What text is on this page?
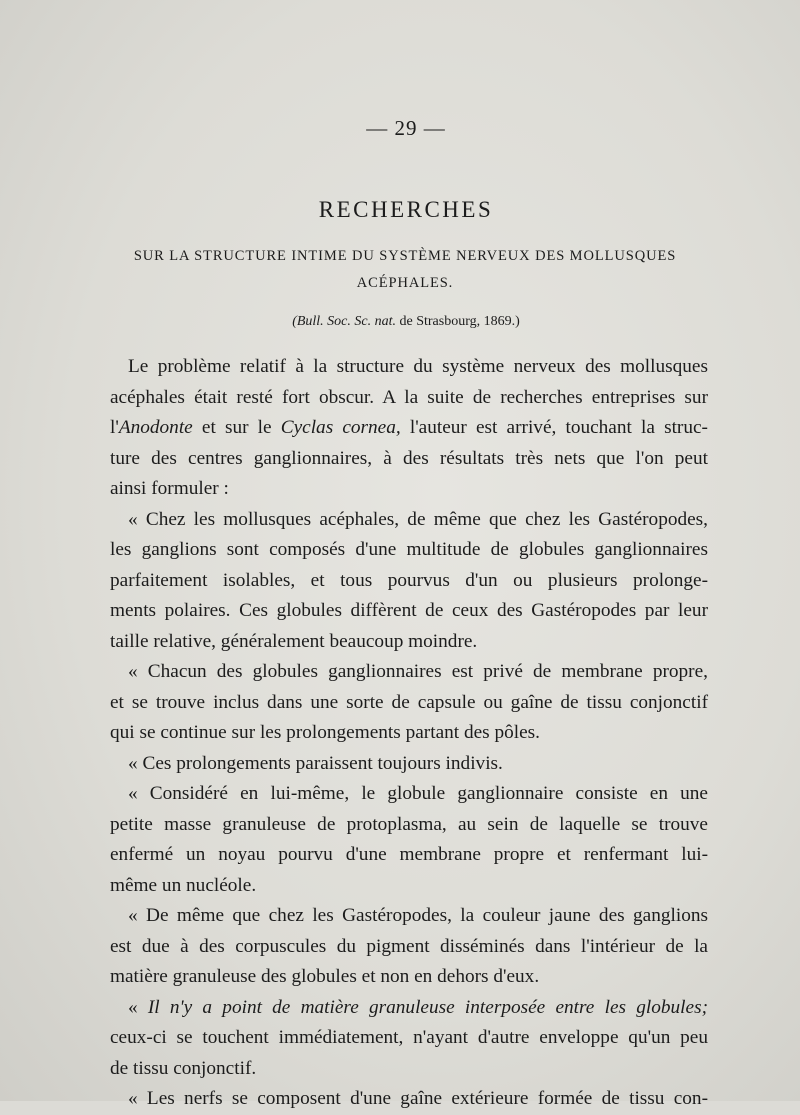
— 29 —
RECHERCHES
SUR LA STRUCTURE INTIME DU SYSTÈME NERVEUX DES MOLLUSQUES
ACÉPHALES.
(Bull. Soc. Sc. nat. de Strasbourg, 1869.)
Le problème relatif à la structure du système nerveux des mollusques
acéphales était resté fort obscur. A la suite de recherches entreprises sur
l'Anodonte et sur le Cyclas cornea, l'auteur est arrivé, touchant la struc-
ture des centres ganglionnaires, à des résultats très nets que l'on peut
ainsi formuler :
« Chez les mollusques acéphales, de même que chez les Gastéropodes,
les ganglions sont composés d'une multitude de globules ganglionnaires
parfaitement isolables, et tous pourvus d'un ou plusieurs prolonge-
ments polaires. Ces globules diffèrent de ceux des Gastéropodes par leur
taille relative, généralement beaucoup moindre.
« Chacun des globules ganglionnaires est privé de membrane propre,
et se trouve inclus dans une sorte de capsule ou gaîne de tissu conjonctif
qui se continue sur les prolongements partant des pôles.
« Ces prolongements paraissent toujours indivis.
« Considéré en lui-même, le globule ganglionnaire consiste en une
petite masse granuleuse de protoplasma, au sein de laquelle se trouve
enfermé un noyau pourvu d'une membrane propre et renfermant lui-
même un nucléole.
« De même que chez les Gastéropodes, la couleur jaune des ganglions
est due à des corpuscules du pigment disséminés dans l'intérieur de la
matière granuleuse des globules et non en dehors d'eux.
« Il n'y a point de matière granuleuse interposée entre les globules;
ceux-ci se touchent immédiatement, n'ayant d'autre enveloppe qu'un peu
de tissu conjonctif.
« Les nerfs se composent d'une gaîne extérieure formée de tissu con-
